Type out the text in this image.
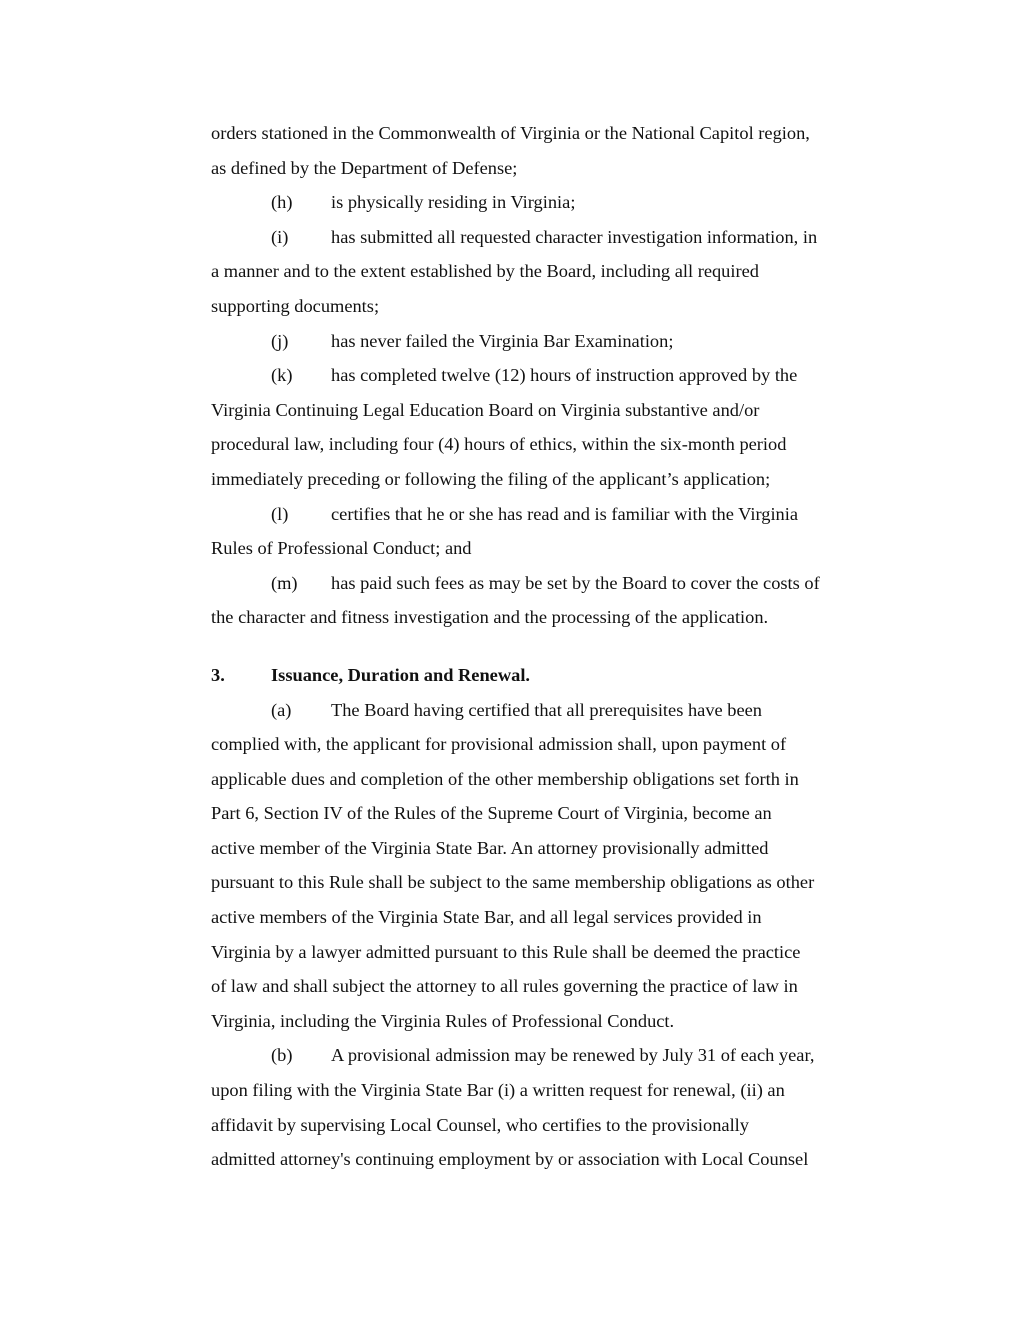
orders stationed in the Commonwealth of Virginia or the National Capitol region,
as defined by the Department of Defense;
(h) is physically residing in Virginia;
(i) has submitted all requested character investigation information, in
a manner and to the extent established by the Board, including all required
supporting documents;
(j) has never failed the Virginia Bar Examination;
(k) has completed twelve (12) hours of instruction approved by the
Virginia Continuing Legal Education Board on Virginia substantive and/or
procedural law, including four (4) hours of ethics, within the six-month period
immediately preceding or following the filing of the applicant’s application;
(l) certifies that he or she has read and is familiar with the Virginia
Rules of Professional Conduct; and
(m) has paid such fees as may be set by the Board to cover the costs of
the character and fitness investigation and the processing of the application.
3.	Issuance, Duration and Renewal.
(a) The Board having certified that all prerequisites have been
complied with, the applicant for provisional admission shall, upon payment of
applicable dues and completion of the other membership obligations set forth in
Part 6, Section IV of the Rules of the Supreme Court of Virginia, become an
active member of the Virginia State Bar. An attorney provisionally admitted
pursuant to this Rule shall be subject to the same membership obligations as other
active members of the Virginia State Bar, and all legal services provided in
Virginia by a lawyer admitted pursuant to this Rule shall be deemed the practice
of law and shall subject the attorney to all rules governing the practice of law in
Virginia, including the Virginia Rules of Professional Conduct.
(b) A provisional admission may be renewed by July 31 of each year,
upon filing with the Virginia State Bar (i) a written request for renewal, (ii) an
affidavit by supervising Local Counsel, who certifies to the provisionally
admitted attorney's continuing employment by or association with Local Counsel
